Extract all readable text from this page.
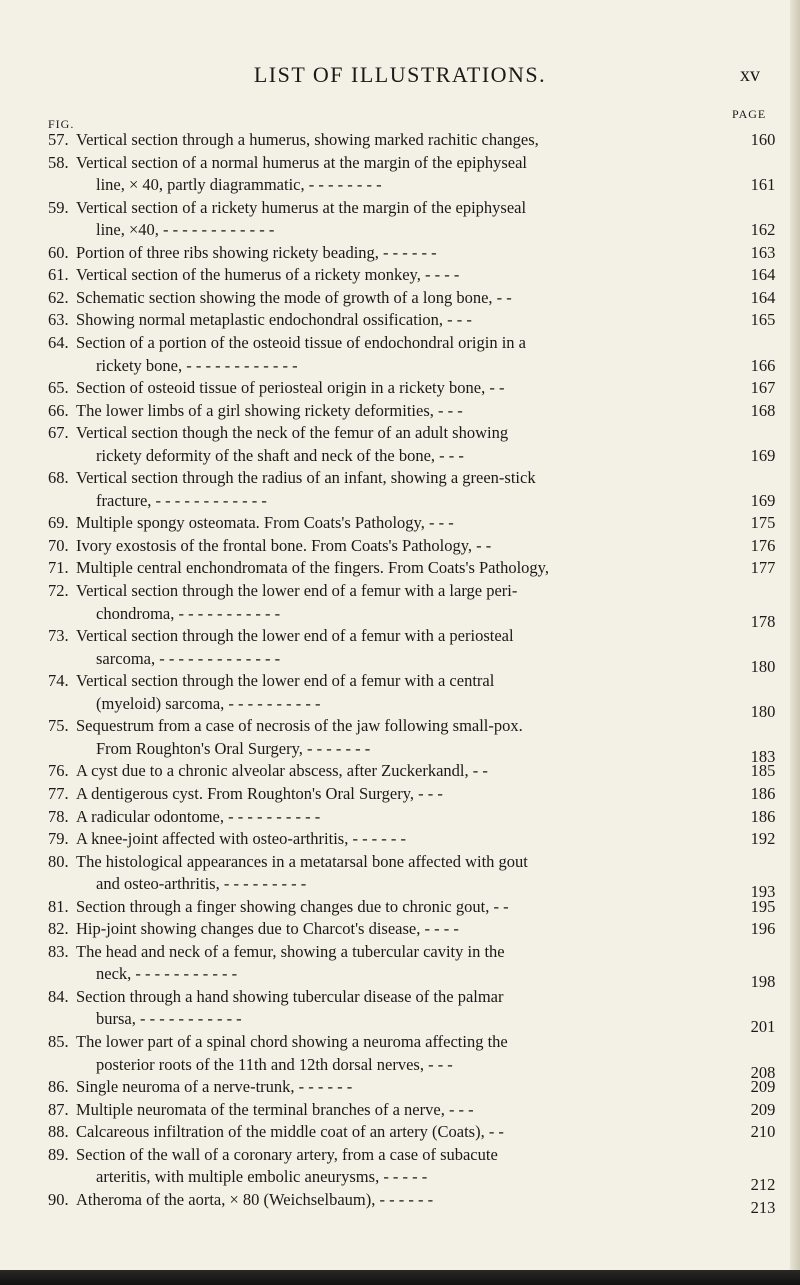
LIST OF ILLUSTRATIONS.	xv
FIG.
PAGE
57. Vertical section through a humerus, showing marked rachitic changes,	160
58. Vertical section of a normal humerus at the margin of the epiphyseal
line, × 40, partly diagrammatic, - - - - - - - -	161
59. Vertical section of a rickety humerus at the margin of the epiphyseal
line, ×40, - - - - - - - - - - - -	162
60. Portion of three ribs showing rickety beading, - - - - - -	163
61. Vertical section of the humerus of a rickety monkey, - - - -	164
62. Schematic section showing the mode of growth of a long bone, - -	164
63. Showing normal metaplastic endochondral ossification, - - -	165
64. Section of a portion of the osteoid tissue of endochondral origin in a
rickety bone, - - - - - - - - - - - -	166
65. Section of osteoid tissue of periosteal origin in a rickety bone, - -	167
66. The lower limbs of a girl showing rickety deformities, - - -	168
67. Vertical section though the neck of the femur of an adult showing
rickety deformity of the shaft and neck of the bone, - - -	169
68. Vertical section through the radius of an infant, showing a green-stick
fracture, - - - - - - - - - - - -	169
69. Multiple spongy osteomata. From Coats's Pathology, - - -	175
70. Ivory exostosis of the frontal bone. From Coats's Pathology, - -	176
71. Multiple central enchondromata of the fingers. From Coats's Pathology,	177
72. Vertical section through the lower end of a femur with a large peri-
chondroma, - - - - - - - - - - -	178
73. Vertical section through the lower end of a femur with a periosteal
sarcoma, - - - - - - - - - - - - -	180
74. Vertical section through the lower end of a femur with a central
(myeloid) sarcoma, - - - - - - - - - -	180
75. Sequestrum from a case of necrosis of the jaw following small-pox.
From Roughton's Oral Surgery, - - - - - - -	183
76. A cyst due to a chronic alveolar abscess, after Zuckerkandl, - -	185
77. A dentigerous cyst. From Roughton's Oral Surgery, - - -	186
78. A radicular odontome, - - - - - - - - - -	186
79. A knee-joint affected with osteo-arthritis, - - - - - -	192
80. The histological appearances in a metatarsal bone affected with gout
and osteo-arthritis, - - - - - - - - -	193
81. Section through a finger showing changes due to chronic gout, - -	195
82. Hip-joint showing changes due to Charcot's disease, - - - -	196
83. The head and neck of a femur, showing a tubercular cavity in the
neck, - - - - - - - - - - -	198
84. Section through a hand showing tubercular disease of the palmar
bursa, - - - - - - - - - - -	201
85. The lower part of a spinal chord showing a neuroma affecting the
posterior roots of the 11th and 12th dorsal nerves, - - -	208
86. Single neuroma of a nerve-trunk, - - - - - -	209
87. Multiple neuromata of the terminal branches of a nerve, - - -	209
88. Calcareous infiltration of the middle coat of an artery (Coats), - -	210
89. Section of the wall of a coronary artery, from a case of subacute
arteritis, with multiple embolic aneurysms, - - - - -	212
90. Atheroma of the aorta, × 80 (Weichselbaum), - - - - - -	213
